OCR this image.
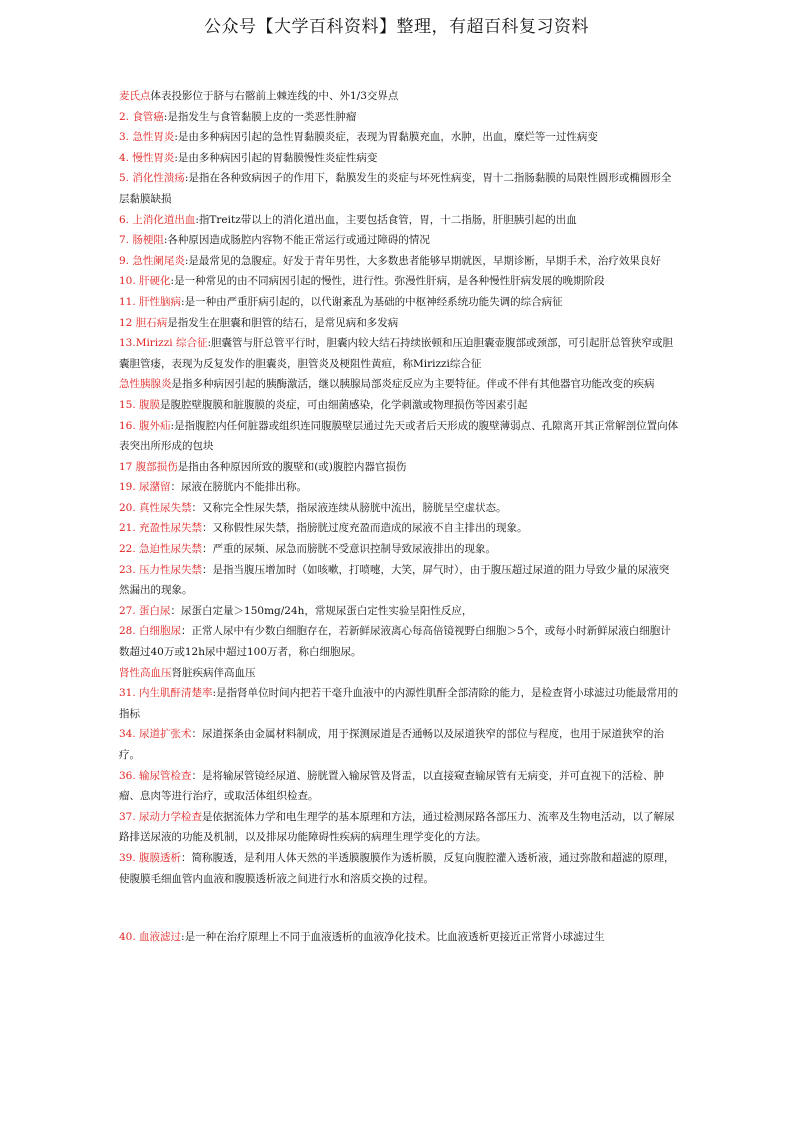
公众号【大学百科资料】整理，有超百科复习资料

麦氏点体表投影位于脐与右髂前上棘连线的中、外1/3交界点

2. 食管癌:是指发生与食管黏膜上皮的一类恶性肿瘤

3. 急性胃炎:是由多种病因引起的急性胃黏膜炎症，表现为胃黏膜充血，水肿，出血，糜烂等一过性病变

4. 慢性胃炎:是由多种病因引起的胃黏膜慢性炎症性病变

5. 消化性溃疡:是指在各种致病因子的作用下，黏膜发生的炎症与坏死性病变，胃十二指肠黏膜的局限性圆形或椭圆形全层黏膜缺损

6. 上消化道出血:指Treitz带以上的消化道出血，主要包括食管，胃，十二指肠，肝胆胰引起的出血

7. 肠梗阻:各种原因造成肠腔内容物不能正常运行或通过障碍的情况

9. 急性阑尾炎:是最常见的急腹症。好发于青年男性，大多数患者能够早期就医，早期诊断，早期手术，治疗效果良好

10. 肝硬化:是一种常见的由不同病因引起的慢性，进行性。弥漫性肝病，是各种慢性肝病发展的晚期阶段

11. 肝性脑病:是一种由严重肝病引起的，以代谢紊乱为基础的中枢神经系统功能失调的综合病征

12 胆石病是指发生在胆囊和胆管的结石，是常见病和多发病

13.Mirizzi 综合征:胆囊管与肝总管平行时，胆囊内较大结石持续嵌顿和压迫胆囊壶腹部或颈部，可引起肝总管狭窄或胆囊胆管瘘，表现为反复发作的胆囊炎，胆管炎及梗阻性黄疸，称Mirizzi综合征

急性胰腺炎是指多种病因引起的胰酶激活，继以胰腺局部炎症反应为主要特征。伴或不伴有其他器官功能改变的疾病

15. 腹膜是腹腔壁腹膜和脏腹膜的炎症，可由细菌感染，化学刺激或物理损伤等因素引起

16. 腹外疝:是指腹腔内任何脏器或组织连同腹膜壁层通过先天或者后天形成的腹壁薄弱点、孔隙离开其正常解剖位置向体表突出所形成的包块

17 腹部损伤是指由各种原因所致的腹壁和(或)腹腔内器官损伤

19. 尿潴留：尿液在膀胱内不能排出称。

20. 真性尿失禁：又称完全性尿失禁，指尿液连续从膀胱中流出，膀胱呈空虚状态。

21. 充盈性尿失禁：又称假性尿失禁，指膀胱过度充盈而造成的尿液不自主排出的现象。

22. 急迫性尿失禁：严重的尿频、尿急而膀胱不受意识控制导致尿液排出的现象。

23. 压力性尿失禁：是指当腹压增加时（如咳嗽，打喷嚏，大笑，屏气时），由于腹压超过尿道的阻力导致少量的尿液突然漏出的现象。

27. 蛋白尿：尿蛋白定量＞150mg/24h，常规尿蛋白定性实验呈阳性反应，

28. 白细胞尿：正常人尿中有少数白细胞存在，若新鲜尿液离心每高倍镜视野白细胞＞5个，或每小时新鲜尿液白细胞计数超过40万或12h尿中超过100万者，称白细胞尿。

肾性高血压肾脏疾病伴高血压

31. 内生肌酐清楚率:是指肾单位时间内把若干毫升血液中的内源性肌酐全部清除的能力，是检查肾小球滤过功能最常用的指标

34. 尿道扩张术：尿道探条由金属材料制成，用于探测尿道是否通畅以及尿道狭窄的部位与程度，也用于尿道狭窄的治疗。

36. 输尿管检查：是将输尿管镜经尿道、膀胱置入输尿管及肾盂，以直接窥查输尿管有无病变，并可直视下的活检、肿瘤、息肉等进行治疗，或取活体组织检查。

37. 尿动力学检查是依据流体力学和电生理学的基本原理和方法，通过检测尿路各部压力、流率及生物电活动，以了解尿路排送尿液的功能及机制，以及排尿功能障碍性疾病的病理生理学变化的方法。

39. 腹膜透析：简称腹透，是利用人体天然的半透膜腹膜作为透析膜，反复向腹腔灌入透析液，通过弥散和超滤的原理，使腹膜毛细血管内血液和腹膜透析液之间进行水和溶质交换的过程。

40. 血液滤过:是一种在治疗原理上不同于血液透析的血液净化技术。比血液透析更接近正常肾小球滤过生
